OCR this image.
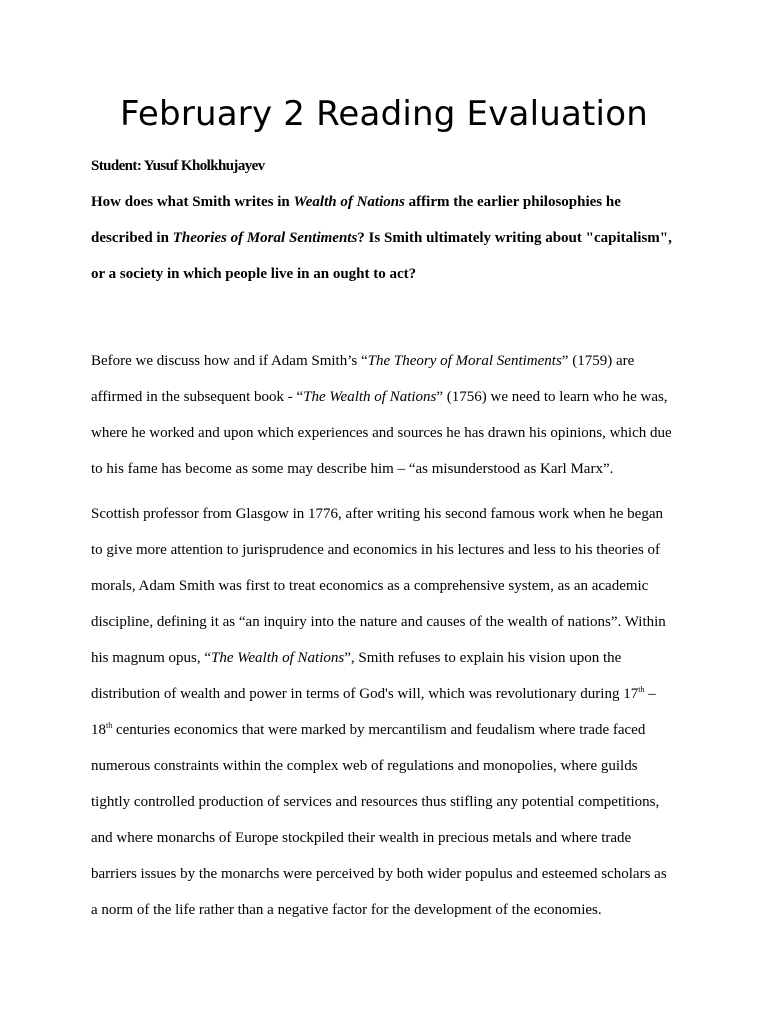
February 2 Reading Evaluation
Student: Yusuf Kholkhujayev

How does what Smith writes in Wealth of Nations affirm the earlier philosophies he
described in Theories of Moral Sentiments? Is Smith ultimately writing about "capitalism",
or a society in which people live in an ought to act?

Before we discuss how and if Adam Smith’s “The Theory of Moral Sentiments” (1759) are
affirmed in the subsequent book - “The Wealth of Nations” (1756) we need to learn who he was,
where he worked and upon which experiences and sources he has drawn his opinions, which due
to his fame has become as some may describe him – “as misunderstood as Karl Marx”.

Scottish professor from Glasgow in 1776, after writing his second famous work when he began
to give more attention to jurisprudence and economics in his lectures and less to his theories of
morals, Adam Smith was first to treat economics as a comprehensive system, as an academic
discipline, defining it as “an inquiry into the nature and causes of the wealth of nations”. Within
his magnum opus, “The Wealth of Nations”, Smith refuses to explain his vision upon the
distribution of wealth and power in terms of God's will, which was revolutionary during 17th –
18th centuries economics that were marked by mercantilism and feudalism where trade faced
numerous constraints within the complex web of regulations and monopolies, where guilds
tightly controlled production of services and resources thus stifling any potential competitions,
and where monarchs of Europe stockpiled their wealth in precious metals and where trade
barriers issues by the monarchs were perceived by both wider populus and esteemed scholars as
a norm of the life rather than a negative factor for the development of the economies.
